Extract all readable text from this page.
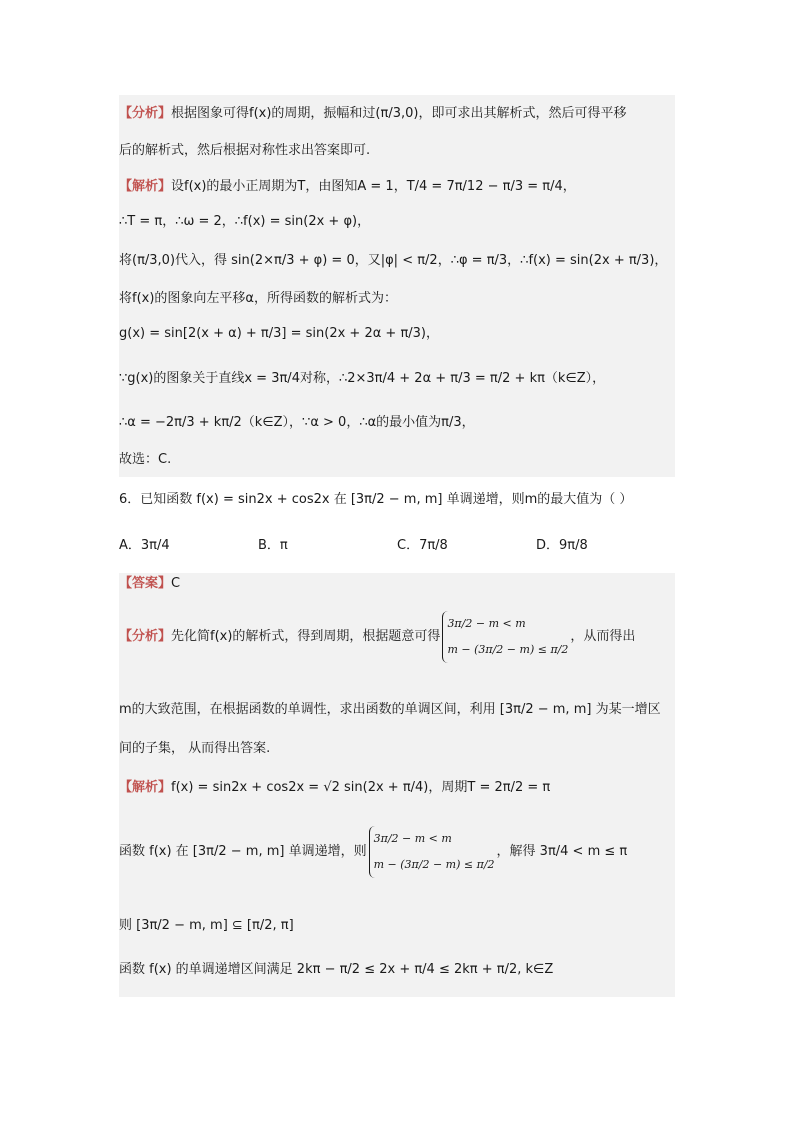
【分析】根据图象可得f(x)的周期，振幅和过(π/3,0)，即可求出其解析式，然后可得平移
后的解析式，然后根据对称性求出答案即可.
【解析】设f(x)的最小正周期为T，由图知A = 1，T/4 = 7π/12 − π/3 = π/4，
∴T = π，∴ω = 2，∴f(x) = sin(2x + φ)，
将(π/3,0)代入，得 sin(2×π/3 + φ) = 0，又|φ| < π/2，∴φ = π/3，∴f(x) = sin(2x + π/3)，
将f(x)的图象向左平移α，所得函数的解析式为：
g(x) = sin[2(x + α) + π/3] = sin(2x + 2α + π/3)，
∵g(x)的图象关于直线x = 3π/4对称，∴2×3π/4 + 2α + π/3 = π/2 + kπ（k∈Z），
∴α = −2π/3 + kπ/2（k∈Z），∵α > 0，∴α的最小值为π/3，
故选：C.
6．已知函数 f(x) = sin2x + cos2x 在 [3π/2 − m, m] 单调递增，则m的最大值为（ ）
A．3π/4	B．π	C．7π/8	D．9π/8
【答案】C
【分析】先化简f(x)的解析式，得到周期，根据题意可得
3π/2 − m < m
m − (3π/2 − m) ≤ π/2
，从而得出
m的大致范围，在根据函数的单调性，求出函数的单调区间，利用 [3π/2 − m, m] 为某一增区
间的子集， 从而得出答案.
【解析】f(x) = sin2x + cos2x = √2 sin(2x + π/4)，周期T = 2π/2 = π
函数 f(x) 在 [3π/2 − m, m] 单调递增，则
3π/2 − m < m
m − (3π/2 − m) ≤ π/2
，解得 3π/4 < m ≤ π
则 [3π/2 − m, m] ⊆ [π/2, π]
函数 f(x) 的单调递增区间满足 2kπ − π/2 ≤ 2x + π/4 ≤ 2kπ + π/2, k∈Z
